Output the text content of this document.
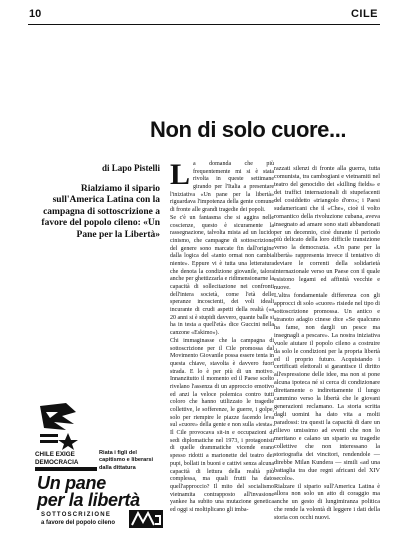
10	CILE
Non di solo cuore...
di Lapo Pistelli
Rialziamo il sipario sull'America Latina con la campagna di sottoscrizione a favore del popolo cileno: «Un Pane per la Libertà»
CHILE EXIGE
DEMOCRACIA
Riata i figli del capitismo e liberarsi dalla dittatura
Un pane
per la libertà
SOTTOSCRIZIONE
a favore del popolo cileno

La domanda che più frequentemente mi si è stata rivolta in queste settimane girando per l'Italia a presentare l'iniziativa «Un pane per la libertà» riguardava l'impotenza della gente comune di fronte alle grandi tragedie dei popoli.

Se c'è un fantasma che si aggira nelle coscienze, questo è sicuramente la rassegnazione, talvolta mista ad un lucido cinismo, che campagne di sottoscrizione del genere sono marcate fin dall'origine dalla logica del «tanto ormai non cambia niente». Eppure vi è tutta una letteratura che denota la condizione giovanile, talora anche per ghettizzarla e ridimensionarne la capacità di sollecitazione nei confronti dell'intera società, come l'età delle speranze incoscienti, dei voli ideali incurante di crudi aspetti della realtà («a 20 anni si è stupidi davvero, quante balle si ha in testa a quell'età» dice Guccini nella canzone «Eskimo»).

Chi immaginasse che la campagna di sottoscrizione per il Cile promossa dal Movimento Giovanile possa essere tenta in questa chiave, stavolta è davvero fuori strada. E lo è per più di un motivo. Innanzitutto il momento ed il Paese scelto rivelano l'assenza di un approccio emotivo ed anzi la veloce polemica contro tutti coloro che hanno utilizzato le tragedie collettive, le sofferenze, le guerre, i golpe, solo per riempire le piazze facendo leva sul «cuore» della gente e non sulla «testa». Il Cile provocava sit-in e occupazioni di sedi diplomatiche nel 1973, i protagonisti di quelle drammatiche vicende erano spesso ridotti a marionette del teatro dei pupi, bollati in buoni e cattivi senza alcuna capacità di lettura della realtà più complessa, ma quali frutti ha dato quell'approccio? Il mito del socialismo vietnamita contrapposto all'invasione yankee ha subito una mutazione genetica ed oggi si moltiplicano gli imba-

razzati silenzi di fronte alla guerra, tutta comunista, tra cambogiani e vietnamiti nel teatro del genocidio dei «killing fields» e dei traffici internazionali di stupefacenti del cosiddetto «triangolo d'oro»; i Paesi sudamericani che il «Che», cioè il volto romantico della rivoluzione cubana, aveva insegnato ad amare sono stati abbandonati per un decennio, cioè durante il periodo più delicato della loro difficile transizione verso la democrazia. «Un pane per la libertà» rappresenta invece il tentativo di deviare le correnti della solidarietà internazionale verso un Paese con il quale esistono legami ed affinità vecchie e nuove.

L'altra fondamentale differenza con gli approcci di solo «cuore» risiede nel tipo di sottoscrizione promossa. Un antico e stranoto adagio cinese dice «Se qualcuno ha fame, non dargli un pesce ma insegnagli a pescare». La nostra iniziativa vuole aiutare il popolo cileno a costruire da solo le condizioni per la propria libertà ed il proprio futuro. Acquistando i certificati elettorali si garantisce il diritto all'espressione delle idee, ma non si pone alcuna ipoteca né si cerca di condizionare direttamente o indirettamente il lungo cammino verso la libertà che le giovani generazioni reclamano. La storia scritta dagli uomini ha dato vita a molti paradossi: tra questi la capacità di dare un rilievo umissimo ad eventi che non lo meritano e calano un sipario su tragedie collettive che non interessano la storiografia dei vincitori, rendendole — direbbe Milan Kundera — simili «ad una battaglia tra due regni africani del XIV secolo».

Rialzare il sipario sull'America Latina è allora non solo un atto di coraggio ma anche un gesto di lungimiranza politica che rende la volontà di leggere i dati della storia con occhi nuovi.
